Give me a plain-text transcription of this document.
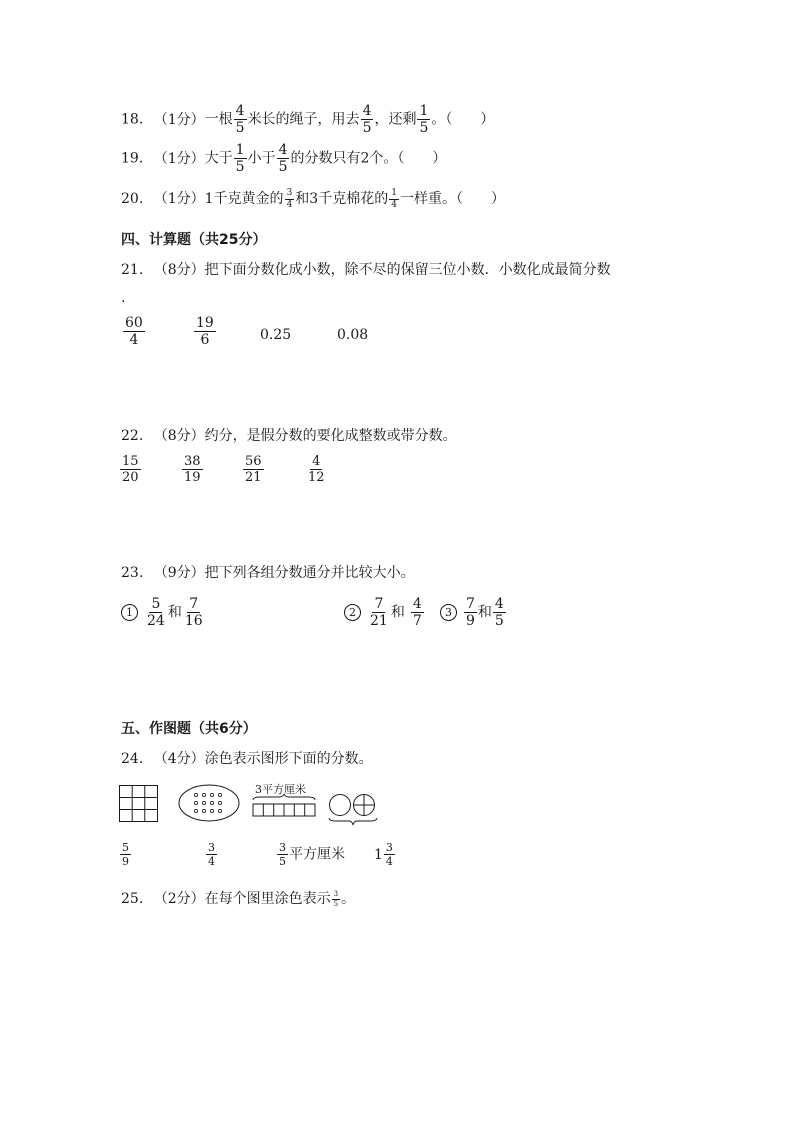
18. （1分）一根 $\frac{4}{5}$ 米长的绳子，用去 $\frac{4}{5}$ ，还剩 $\frac{1}{5}$ 。（　　）
19. （1分）大于 $\frac{1}{5}$ 小于 $\frac{4}{5}$ 的分数只有2个。（　　）
20. （1分）1千克黄金的 $\frac{3}{4}$ 和3千克棉花的 $\frac{1}{4}$ 一样重。（　　）
四、计算题（共25分）
21. （8分）把下面分数化成小数，除不尽的保留三位小数．小数化成最简分数
.
$\frac{60}{4}$	$\frac{19}{6}$	0.25	0.08
22. （8分）约分，是假分数的要化成整数或带分数。
$\frac{15}{20}$	$\frac{38}{19}$	$\frac{56}{21}$	$\frac{4}{12}$
23. （9分）把下列各组分数通分并比较大小。
$1 \frac{5}{24}$ 和 $\frac{7}{16}$	$2 \frac{7}{21}$ 和 $\frac{4}{7}$	$3 \frac{7}{9}$ 和 $\frac{4}{5}$
五、作图题（共6分）
24. （4分）涂色表示图形下面的分数。
3平方厘米
$\frac{5}{9}$	$\frac{3}{4}$	$\frac{3}{5}$ 平方厘米 $1 \frac{3}{4}$
25. （2分）在每个图里涂色表示 $\frac{3}{5}$ 。
